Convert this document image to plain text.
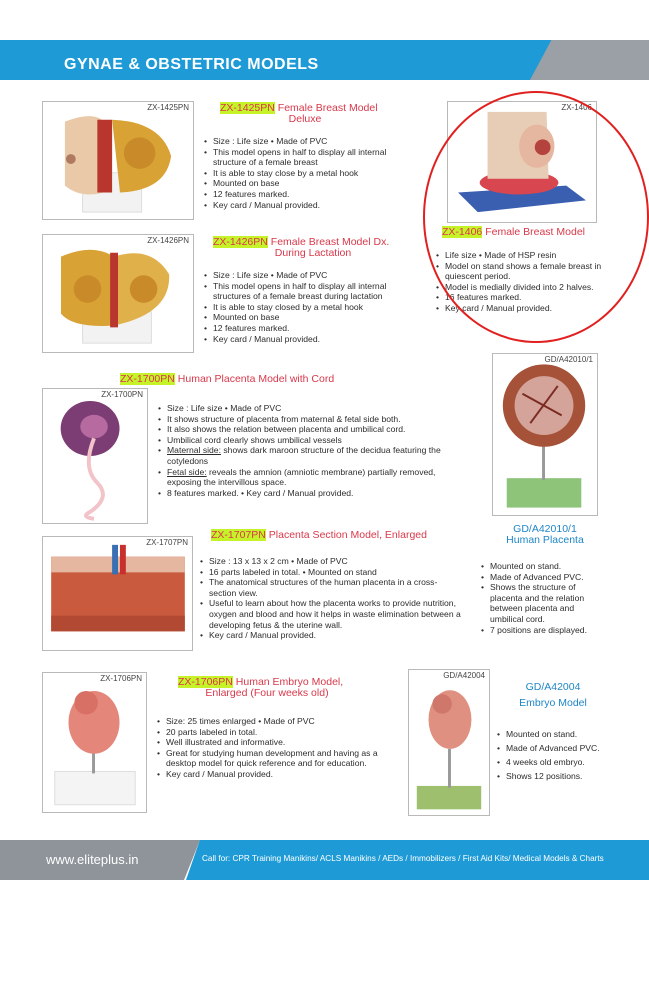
GYNAE & OBSTETRIC MODELS
ZX-1425PN	ZX-1425PN Female Breast Model
Deluxe
• Size : Life size • Made of PVC
• This model opens in half to display all internal structure of a female breast
• It is able to stay close by a metal hook
• Mounted on base
• 12 features marked.
• Key card / Manual provided.
ZX-1406
ZX-1406 Female Breast Model
• Life size • Made of HSP resin
• Model on stand shows a female breast in quiescent period.
• Model is medially divided into 2 halves.
• 16 features marked.
• Key card / Manual provided.
ZX-1426PN ZX-1426PN Female Breast Model Dx.
During Lactation
• Size : Life size • Made of PVC
• This model opens in half to display all internal structures of a female breast during lactation
• It is able to stay closed by a metal hook
• Mounted on base
• 12 features marked.
• Key card / Manual provided.
ZX-1700PN Human Placenta Model with Cord
ZX-1700PN
• Size : Life size • Made of PVC
• It shows structure of placenta from maternal & fetal side both.
• It also shows the relation between placenta and umbilical cord.
• Umbilical cord clearly shows umbilical vessels
• Maternal side: shows dark maroon structure of the decidua featuring the cotyledons
• Fetal side: reveals the amnion (amniotic membrane) partially removed, exposing the intervillous space.
• 8 features marked. • Key card / Manual provided.
GD/A42010/1
GD/A42010/1
Human Placenta
• Mounted on stand.
• Made of Advanced PVC.
• Shows the structure of placenta and the relation between placenta and umbilical cord.
• 7 positions are displayed.
ZX-1707PN Placenta Section Model, Enlarged
ZX-1707PN
• Size : 13 x 13 x 2 cm • Made of PVC
• 16 parts labeled in total. • Mounted on stand
• The anatomical structures of the human placenta in a cross-section view.
• Useful to learn about how the placenta works to provide nutrition, oxygen and blood and how it helps in waste elimination between a developing fetus & the uterine wall.
• Key card / Manual provided.
ZX-1706PN	ZX-1706PN Human Embryo Model,
Enlarged (Four weeks old)
• Size: 25 times enlarged • Made of PVC
• 20 parts labeled in total.
• Well illustrated and informative.
• Great for studying human development and having as a desktop model for quick reference and for education.
• Key card / Manual provided.
GD/A42004
GD/A42004
Embryo Model
• Mounted on stand.
• Made of Advanced PVC.
• 4 weeks old embryo.
• Shows 12 positions.
www.eliteplus.in	Call for: CPR Training Manikins/ ACLS Manikins / AEDs / Immobilizers / First Aid Kits/ Medical Models & Charts
